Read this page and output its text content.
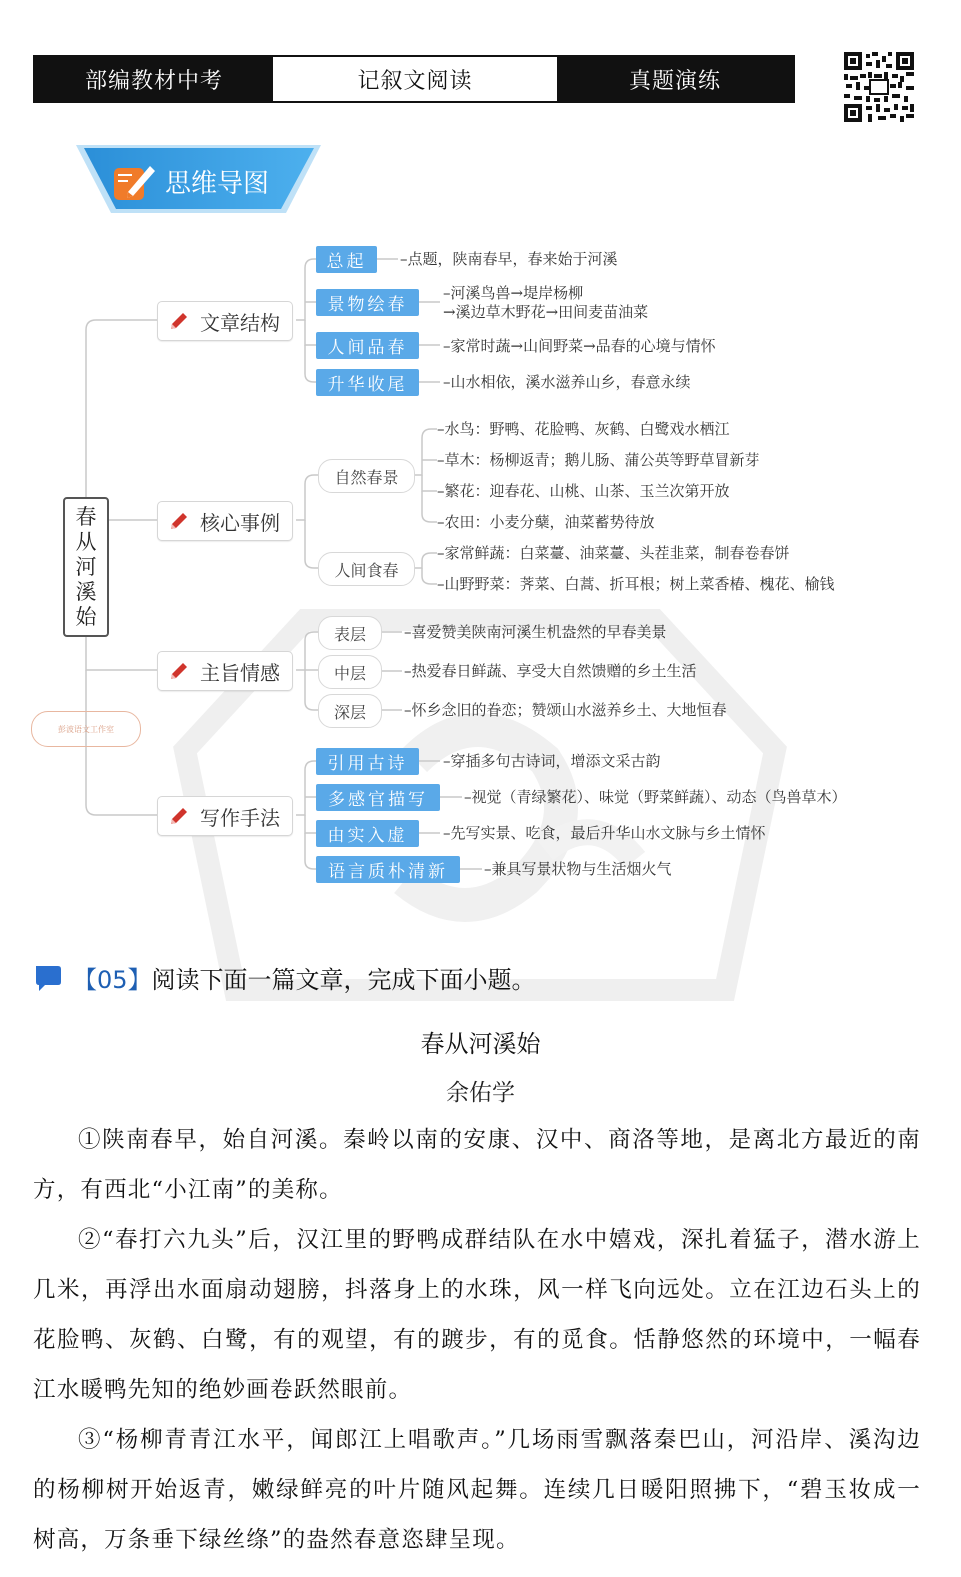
部编教材中考	记叙文阅读	真题演练
思维导图
春从河溪始
彭波语文工作室
文章结构
总起	–点题，陕南春早，春来始于河溪
景物绘春
–河溪鸟兽→堤岸杨柳
→溪边草木野花→田间麦苗油菜
人间品春	–家常时蔬→山间野菜→品春的心境与情怀
升华收尾	–山水相依，溪水滋养山乡，春意永续
核心事例
自然春景
–水鸟：野鸭、花脸鸭、灰鹤、白鹭戏水栖江
–草木：杨柳返青；鹅儿肠、蒲公英等野草冒新芽
–繁花：迎春花、山桃、山茶、玉兰次第开放
–农田：小麦分蘖，油菜蓄势待放
人间食春
–家常鲜蔬：白菜薹、油菜薹、头茬韭菜，制春卷春饼
–山野野菜：荠菜、白蒿、折耳根；树上菜香椿、槐花、榆钱
主旨情感
表层	–喜爱赞美陕南河溪生机盎然的早春美景
中层	–热爱春日鲜蔬、享受大自然馈赠的乡土生活
深层	–怀乡念旧的眷恋；赞颂山水滋养乡土、大地恒春
写作手法
引用古诗	–穿插多句古诗词，增添文采古韵
多感官描写	–视觉（青绿繁花）、味觉（野菜鲜蔬）、动态（鸟兽草木）
由实入虚	–先写实景、吃食，最后升华山水文脉与乡土情怀
语言质朴清新	–兼具写景状物与生活烟火气
【05】 阅读下面一篇文章，完成下面小题。
春从河溪始
余佑学

①陕南春早，始自河溪。秦岭以南的安康、汉中、商洛等地，是离北方最近的南方，有西北“小江南”的美称。

②“春打六九头”后，汉江里的野鸭成群结队在水中嬉戏，深扎着猛子，潜水游上几米，再浮出水面扇动翅膀，抖落身上的水珠，风一样飞向远处。立在江边石头上的花脸鸭、灰鹤、白鹭，有的观望，有的踱步，有的觅食。恬静悠然的环境中，一幅春江水暖鸭先知的绝妙画卷跃然眼前。

③“杨柳青青江水平，闻郎江上唱歌声。”几场雨雪飘落秦巴山，河沿岸、溪沟边的杨柳树开始返青，嫩绿鲜亮的叶片随风起舞。连续几日暖阳照拂下，“碧玉妆成一树高，万条垂下绿丝绦”的盎然春意恣肆呈现。
